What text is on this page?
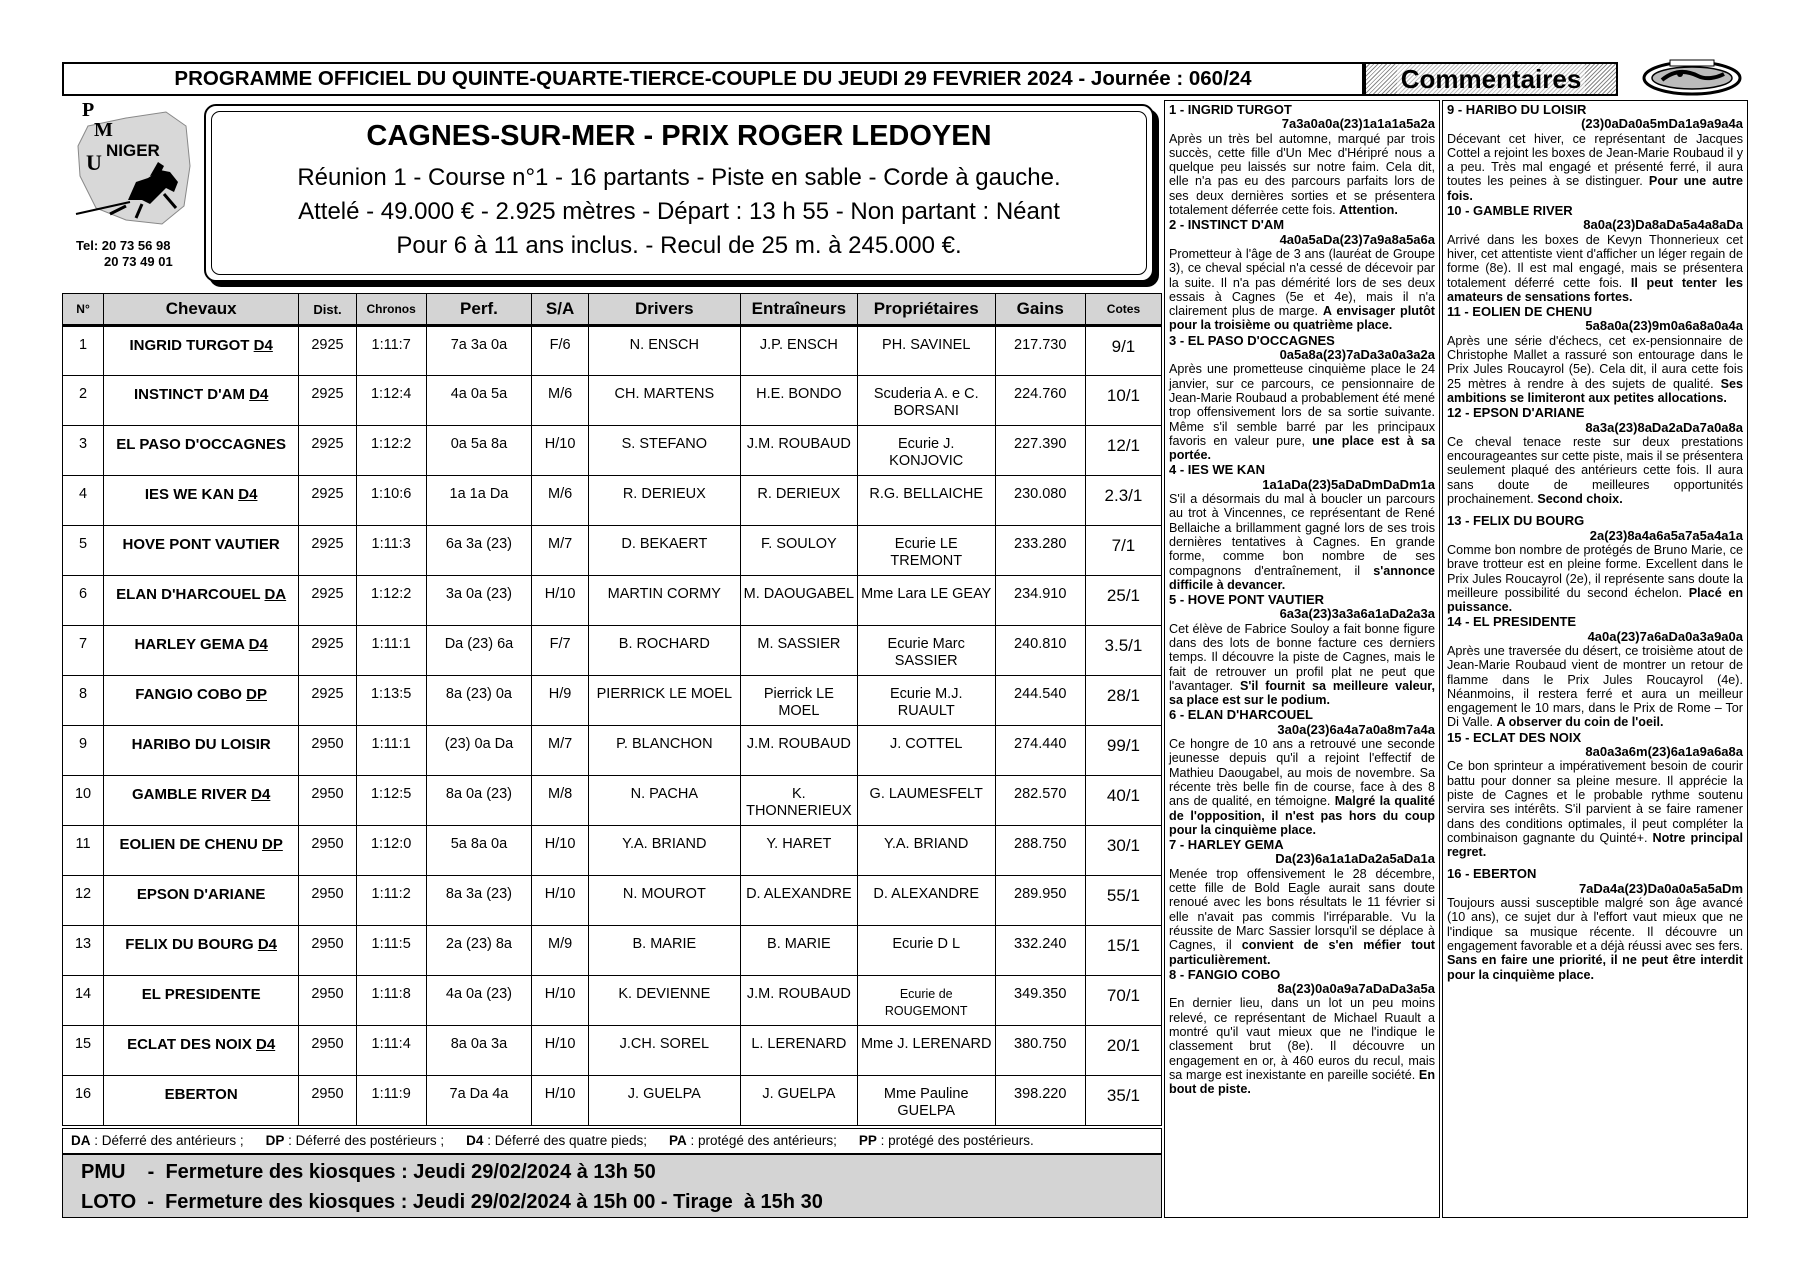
PROGRAMME OFFICIEL DU QUINTE-QUARTE-TIERCE-COUPLE DU JEUDI 29 FEVRIER 2024 - Journée : 060/24	Commentaires
P
M
U NIGER
Tel: 20 73 56 98
20 73 49 01
CAGNES-SUR-MER - PRIX ROGER LEDOYEN
Réunion 1 - Course n°1 - 16 partants - Piste en sable - Corde à gauche.
Attelé - 49.000 € - 2.925 mètres - Départ : 13 h 55 - Non partant : Néant
Pour 6 à 11 ans inclus. - Recul de 25 m. à 245.000 €.
N°	Chevaux	Dist.	Chronos	Perf.	S/A	Drivers	Entraîneurs	Propriétaires	Gains	Cotes
1	INGRID TURGOT D4	2925	1:11:7	7a 3a 0a	F/6	N. ENSCH	J.P. ENSCH	PH. SAVINEL	217.730	9/1
2	INSTINCT D'AM D4	2925	1:12:4	4a 0a 5a	M/6	CH. MARTENS	H.E. BONDO	Scuderia A. e C. BORSANI	224.760	10/1
3	EL PASO D'OCCAGNES	2925	1:12:2	0a 5a 8a	H/10	S. STEFANO	J.M. ROUBAUD	Ecurie J. KONJOVIC	227.390	12/1
4	IES WE KAN D4	2925	1:10:6	1a 1a Da	M/6	R. DERIEUX	R. DERIEUX	R.G. BELLAICHE	230.080	2.3/1
5	HOVE PONT VAUTIER	2925	1:11:3	6a 3a (23)	M/7	D. BEKAERT	F. SOULOY	Ecurie LE TREMONT	233.280	7/1
6	ELAN D'HARCOUEL DA	2925	1:12:2	3a 0a (23)	H/10	MARTIN CORMY	M. DAOUGABEL	Mme Lara LE GEAY	234.910	25/1
7	HARLEY GEMA D4	2925	1:11:1	Da (23) 6a	F/7	B. ROCHARD	M. SASSIER	Ecurie Marc SASSIER	240.810	3.5/1
8	FANGIO COBO DP	2925	1:13:5	8a (23) 0a	H/9	PIERRICK LE MOEL	Pierrick LE MOEL	Ecurie M.J. RUAULT	244.540	28/1
9	HARIBO DU LOISIR	2950	1:11:1	(23) 0a Da	M/7	P. BLANCHON	J.M. ROUBAUD	J. COTTEL	274.440	99/1
10	GAMBLE RIVER D4	2950	1:12:5	8a 0a (23)	M/8	N. PACHA	K. THONNERIEUX	G. LAUMESFELT	282.570	40/1
11	EOLIEN DE CHENU DP	2950	1:12:0	5a 8a 0a	H/10	Y.A. BRIAND	Y. HARET	Y.A. BRIAND	288.750	30/1
12	EPSON D'ARIANE	2950	1:11:2	8a 3a (23)	H/10	N. MOUROT	D. ALEXANDRE	D. ALEXANDRE	289.950	55/1
13	FELIX DU BOURG D4	2950	1:11:5	2a (23) 8a	M/9	B. MARIE	B. MARIE	Ecurie D L	332.240	15/1
14	EL PRESIDENTE	2950	1:11:8	4a 0a (23)	H/10	K. DEVIENNE	J.M. ROUBAUD	Ecurie de ROUGEMONT	349.350	70/1
15	ECLAT DES NOIX D4	2950	1:11:4	8a 0a 3a	H/10	J.CH. SOREL	L. LERENARD	Mme J. LERENARD	380.750	20/1
16	EBERTON	2950	1:11:9	7a Da 4a	H/10	J. GUELPA	J. GUELPA	Mme Pauline GUELPA	398.220	35/1
DA : Déferré des antérieurs ; DP : Déferré des postérieurs ; D4 : Déferré des quatre pieds; PA : protégé des antérieurs; PP : protégé des postérieurs.
PMU    -  Fermeture des kiosques : Jeudi 29/02/2024 à 13h 50
LOTO  -  Fermeture des kiosques : Jeudi 29/02/2024 à 15h 00 - Tirage  à 15h 30
1 - INGRID TURGOT
7a3a0a0a(23)1a1a1a5a2a
Après un très bel automne, marqué par trois succès, cette fille d'Un Mec d'Héripré nous a quelque peu laissés sur notre faim. Cela dit, elle n'a pas eu des parcours parfaits lors de ses deux dernières sorties et se présentera totalement déferrée cette fois. Attention.
2 - INSTINCT D'AM
4a0a5aDa(23)7a9a8a5a6a
Prometteur à l'âge de 3 ans (lauréat de Groupe 3), ce cheval spécial n'a cessé de décevoir par la suite. Il n'a pas démérité lors de ses deux essais à Cagnes (5e et 4e), mais il n'a clairement plus de marge. A envisager plutôt pour la troisième ou quatrième place.
3 - EL PASO D'OCCAGNES
0a5a8a(23)7aDa3a0a3a2a
Après une prometteuse cinquième place le 24 janvier, sur ce parcours, ce pensionnaire de Jean-Marie Roubaud a probablement été mené trop offensivement lors de sa sortie suivante. Même s'il semble barré par les principaux favoris en valeur pure, une place est à sa portée.
4 - IES WE KAN
1a1aDa(23)5aDaDmDaDm1a
S'il a désormais du mal à boucler un parcours au trot à Vincennes, ce représentant de René Bellaiche a brillamment gagné lors de ses trois dernières tentatives à Cagnes. En grande forme, comme bon nombre de ses compagnons d'entraînement, il s'annonce difficile à devancer.
5 - HOVE PONT VAUTIER
6a3a(23)3a3a6a1aDa2a3a
Cet élève de Fabrice Souloy a fait bonne figure dans des lots de bonne facture ces derniers temps. Il découvre la piste de Cagnes, mais le fait de retrouver un profil plat ne peut que l'avantager. S'il fournit sa meilleure valeur, sa place est sur le podium.
6 - ELAN D'HARCOUEL
3a0a(23)6a4a7a0a8m7a4a
Ce hongre de 10 ans a retrouvé une seconde jeunesse depuis qu'il a rejoint l'effectif de Mathieu Daougabel, au mois de novembre. Sa récente très belle fin de course, face à des 8 ans de qualité, en témoigne. Malgré la qualité de l'opposition, il n'est pas hors du coup pour la cinquième place.
7 - HARLEY GEMA
Da(23)6a1a1aDa2a5aDa1a
Menée trop offensivement le 28 décembre, cette fille de Bold Eagle aurait sans doute renoué avec les bons résultats le 11 février si elle n'avait pas commis l'irréparable. Vu la réussite de Marc Sassier lorsqu'il se déplace à Cagnes, il convient de s'en méfier tout particulièrement.
8 - FANGIO COBO
8a(23)0a0a9a7aDaDa3a5a
En dernier lieu, dans un lot un peu moins relevé, ce représentant de Michael Ruault a montré qu'il vaut mieux que ne l'indique le classement brut (8e). Il découvre un engagement en or, à 460 euros du recul, mais sa marge est inexistante en pareille société. En bout de piste.
9 - HARIBO DU LOISIR
(23)0aDa0a5mDa1a9a9a4a
Décevant cet hiver, ce représentant de Jacques Cottel a rejoint les boxes de Jean-Marie Roubaud il y a peu. Très mal engagé et présenté ferré, il aura toutes les peines à se distinguer. Pour une autre fois.
10 - GAMBLE RIVER
8a0a(23)Da8aDa5a4a8aDa
Arrivé dans les boxes de Kevyn Thonnerieux cet hiver, cet attentiste vient d'afficher un léger regain de forme (8e). Il est mal engagé, mais se présentera totalement déferré cette fois. Il peut tenter les amateurs de sensations fortes.
11 - EOLIEN DE CHENU
5a8a0a(23)9m0a6a8a0a4a
Après une série d'échecs, cet ex-pensionnaire de Christophe Mallet a rassuré son entourage dans le Prix Jules Roucayrol (5e). Cela dit, il aura cette fois 25 mètres à rendre à des sujets de qualité. Ses ambitions se limiteront aux petites allocations.
12 - EPSON D'ARIANE
8a3a(23)8aDa2aDa7a0a8a
Ce cheval tenace reste sur deux prestations encourageantes sur cette piste, mais il se présentera seulement plaqué des antérieurs cette fois. Il aura sans doute de meilleures opportunités prochainement. Second choix.
13 - FELIX DU BOURG
2a(23)8a4a6a5a7a5a4a1a
Comme bon nombre de protégés de Bruno Marie, ce brave trotteur est en pleine forme. Excellent dans le Prix Jules Roucayrol (2e), il représente sans doute la meilleure possibilité du second échelon. Placé en puissance.
14 - EL PRESIDENTE
4a0a(23)7a6aDa0a3a9a0a
Après une traversée du désert, ce troisième atout de Jean-Marie Roubaud vient de montrer un retour de flamme dans le Prix Jules Roucayrol (4e). Néanmoins, il restera ferré et aura un meilleur engagement le 10 mars, dans le Prix de Rome – Tor Di Valle. A observer du coin de l'oeil.
15 - ECLAT DES NOIX
8a0a3a6m(23)6a1a9a6a8a
Ce bon sprinteur a impérativement besoin de courir battu pour donner sa pleine mesure. Il apprécie la piste de Cagnes et le probable rythme soutenu servira ses intérêts. S'il parvient à se faire ramener dans des conditions optimales, il peut compléter la combinaison gagnante du Quinté+. Notre principal regret.
16 - EBERTON
7aDa4a(23)Da0a0a5a5aDm
Toujours aussi susceptible malgré son âge avancé (10 ans), ce sujet dur à l'effort vaut mieux que ne l'indique sa musique récente. Il découvre un engagement favorable et a déjà réussi avec ses fers. Sans en faire une priorité, il ne peut être interdit pour la cinquième place.
